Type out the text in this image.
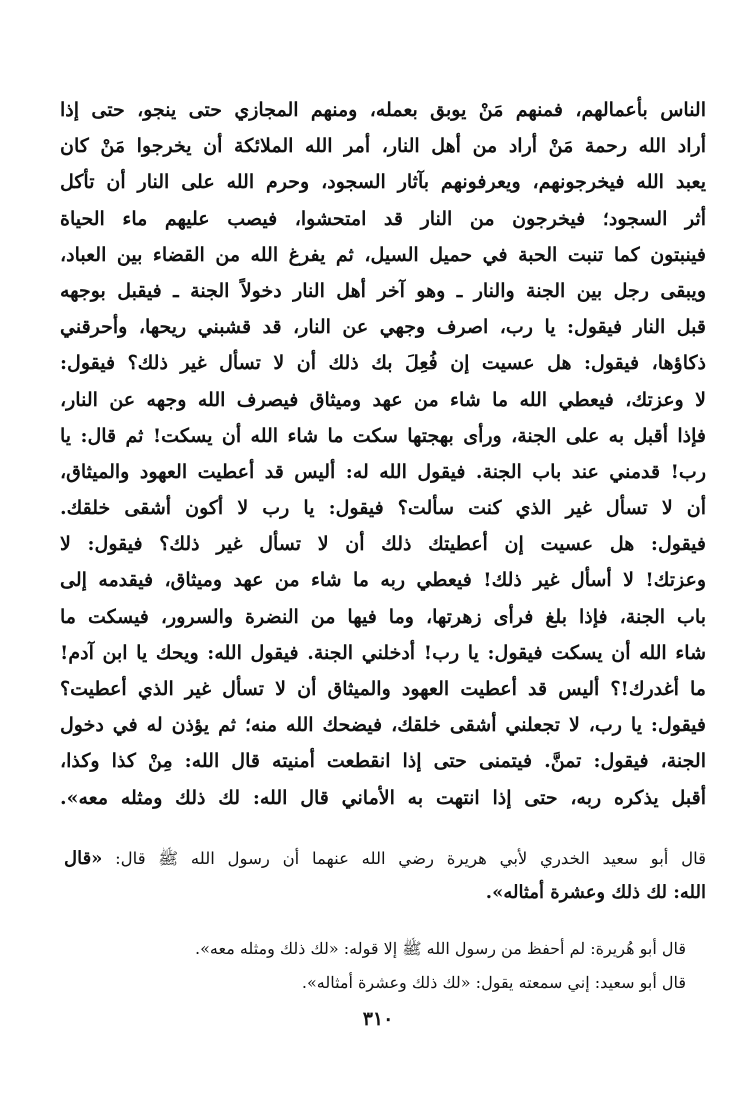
الناس بأعمالهم، فمنهم مَنْ يوبق بعمله، ومنهم المجازي حتى ينجو، حتى إذا
أراد الله رحمة مَنْ أراد من أهل النار، أمر الله الملائكة أن يخرجوا مَنْ كان
يعبد الله فيخرجونهم، ويعرفونهم بآثار السجود، وحرم الله على النار أن تأكل
أثر السجود؛ فيخرجون من النار قد امتحشوا، فيصب عليهم ماء الحياة
فينبتون كما تنبت الحبة في حميل السيل، ثم يفرغ الله من القضاء بين العباد،
ويبقى رجل بين الجنة والنار ـ وهو آخر أهل النار دخولاً الجنة ـ فيقبل بوجهه
قبل النار فيقول: يا رب، اصرف وجهي عن النار، قد قشبني ريحها، وأحرقني
ذكاؤها، فيقول: هل عسيت إن فُعِلَ بك ذلك أن لا تسأل غير ذلك؟ فيقول:
لا وعزتك، فيعطي الله ما شاء من عهد وميثاق فيصرف الله وجهه عن النار،
فإذا أقبل به على الجنة، ورأى بهجتها سكت ما شاء الله أن يسكت! ثم قال: يا
رب! قدمني عند باب الجنة. فيقول الله له: أليس قد أعطيت العهود والميثاق،
أن لا تسأل غير الذي كنت سألت؟ فيقول: يا رب لا أكون أشقى خلقك.
فيقول: هل عسيت إن أعطيتك ذلك أن لا تسأل غير ذلك؟ فيقول: لا
وعزتك! لا أسأل غير ذلك! فيعطي ربه ما شاء من عهد وميثاق، فيقدمه إلى
باب الجنة، فإذا بلغ فرأى زهرتها، وما فيها من النضرة والسرور، فيسكت ما
شاء الله أن يسكت فيقول: يا رب! أدخلني الجنة. فيقول الله: ويحك يا ابن آدم!
ما أغدرك!؟ أليس قد أعطيت العهود والميثاق أن لا تسأل غير الذي أعطيت؟
فيقول: يا رب، لا تجعلني أشقى خلقك، فيضحك الله منه؛ ثم يؤذن له في دخول
الجنة، فيقول: تمنَّ. فيتمنى حتى إذا انقطعت أمنيته قال الله: مِنْ كذا وكذا،
أقبل يذكره ربه، حتى إذا انتهت به الأماني قال الله: لك ذلك ومثله معه».
قال أبو سعيد الخدري لأبي هريرة رضي الله عنهما أن رسول الله ﷺ قال: «قال
الله: لك ذلك وعشرة أمثاله».
قال أبو هُريرة: لم أحفظ من رسول الله ﷺ إلا قوله: «لك ذلك ومثله معه».
قال أبو سعيد: إني سمعته يقول: «لك ذلك وعشرة أمثاله».
٣١٠
